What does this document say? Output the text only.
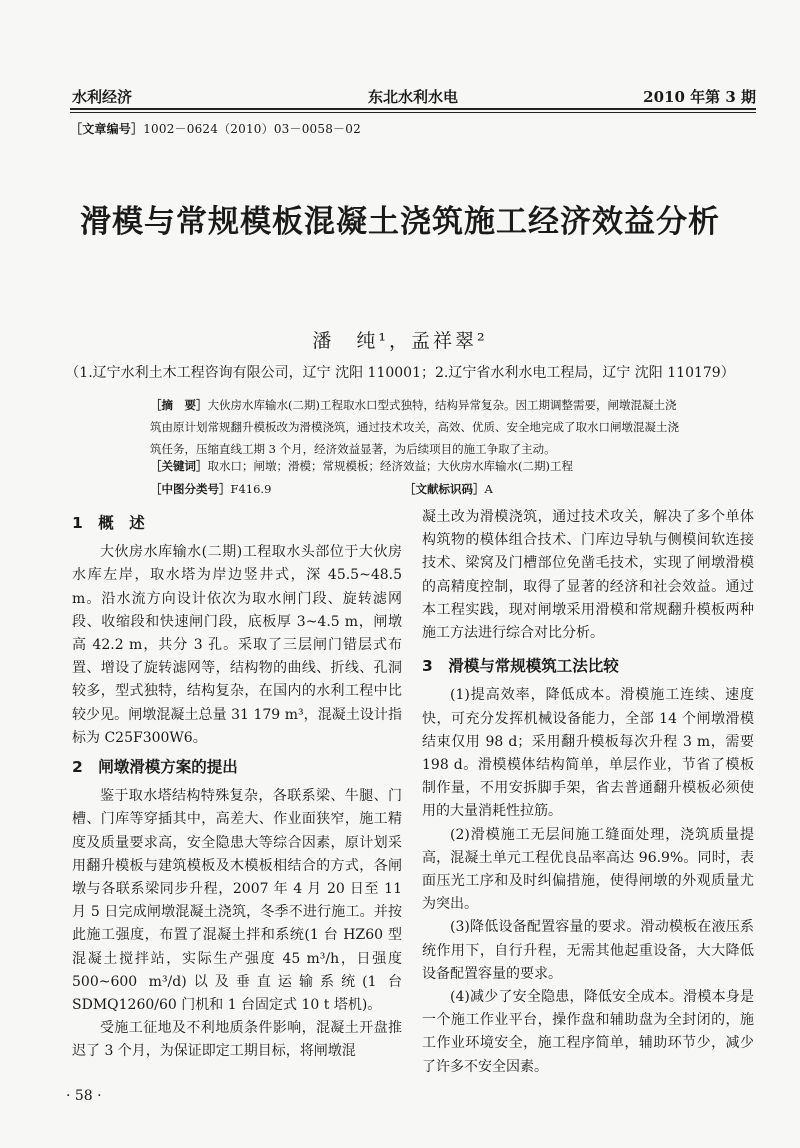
水利经济	东北水利水电	2010 年第 3 期
［文章编号］1002－0624（2010）03－0058－02
滑模与常规模板混凝土浇筑施工经济效益分析
潘　纯¹，孟祥翠²
（1.辽宁水利土木工程咨询有限公司，辽宁 沈阳 110001；2.辽宁省水利水电工程局，辽宁 沈阳 110179）
［摘　要］大伙房水库输水(二期)工程取水口型式独特，结构异常复杂。因工期调整需要，闸墩混凝土浇筑由原计划常规翻升模板改为滑模浇筑，通过技术攻关，高效、优质、安全地完成了取水口闸墩混凝土浇筑任务，压缩直线工期 3 个月，经济效益显著，为后续项目的施工争取了主动。
［关键词］取水口；闸墩；滑模；常规模板；经济效益；大伙房水库输水(二期)工程
［中图分类号］F416.9	［文献标识码］A
1　概　述

大伙房水库输水(二期)工程取水头部位于大伙房水库左岸，取水塔为岸边竖井式，深 45.5~48.5 m。沿水流方向设计依次为取水闸门段、旋转滤网段、收缩段和快速闸门段，底板厚 3~4.5 m，闸墩高 42.2 m，共分 3 孔。采取了三层闸门错层式布置、增设了旋转滤网等，结构物的曲线、折线、孔洞较多，型式独特，结构复杂，在国内的水利工程中比较少见。闸墩混凝土总量 31 179 m³，混凝土设计指标为 C25F300W6。

2　闸墩滑模方案的提出

鉴于取水塔结构特殊复杂，各联系梁、牛腿、门槽、门库等穿插其中，高差大、作业面狭窄，施工精度及质量要求高，安全隐患大等综合因素，原计划采用翻升模板与建筑模板及木模板相结合的方式，各闸墩与各联系梁同步升程，2007 年 4 月 20 日至 11 月 5 日完成闸墩混凝土浇筑，冬季不进行施工。并按此施工强度，布置了混凝土拌和系统(1 台 HZ60 型混凝土搅拌站，实际生产强度 45 m³/h，日强度 500~600 m³/d)以及垂直运输系统(1 台 SDMQ1260/60 门机和 1 台固定式 10 t 塔机)。

受施工征地及不利地质条件影响，混凝土开盘推迟了 3 个月，为保证即定工期目标，将闸墩混

凝土改为滑模浇筑，通过技术攻关，解决了多个单体构筑物的模体组合技术、门库边导轨与侧模间软连接技术、梁窝及门槽部位免凿毛技术，实现了闸墩滑模的高精度控制，取得了显著的经济和社会效益。通过本工程实践，现对闸墩采用滑模和常规翻升模板两种施工方法进行综合对比分析。

3　滑模与常规模筑工法比较

(1)提高效率，降低成本。滑模施工连续、速度快，可充分发挥机械设备能力，全部 14 个闸墩滑模结束仅用 98 d；采用翻升模板每次升程 3 m，需要 198 d。滑模模体结构简单，单层作业，节省了模板制作量，不用安拆脚手架，省去普通翻升模板必须使用的大量消耗性拉筋。

(2)滑模施工无层间施工缝面处理，浇筑质量提高，混凝土单元工程优良品率高达 96.9%。同时，表面压光工序和及时纠偏措施，使得闸墩的外观质量尤为突出。

(3)降低设备配置容量的要求。滑动模板在液压系统作用下，自行升程，无需其他起重设备，大大降低设备配置容量的要求。

(4)减少了安全隐患，降低安全成本。滑模本身是一个施工作业平台，操作盘和辅助盘为全封闭的，施工作业环境安全，施工程序简单，辅助环节少，减少了许多不安全因素。

· 58 ·
